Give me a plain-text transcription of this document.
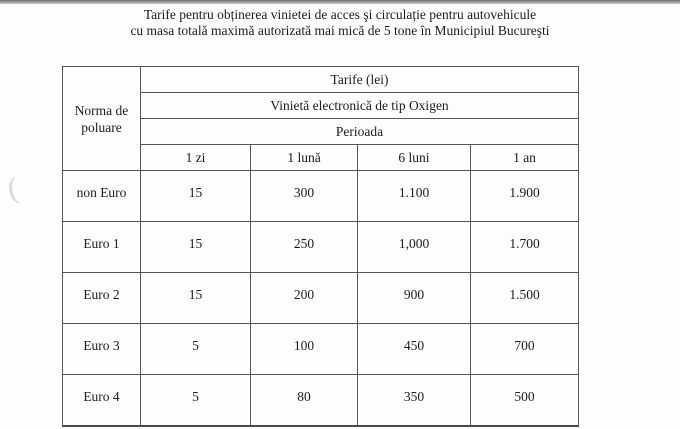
Tarife pentru obținerea vinietei de acces şi circulație pentru autovehicule
cu masa totală maximă autorizată mai mică de 5 tone în Municipiul Bucureşti
(
Norma de poluare	Tarife (lei)			
	Vinietă electronică de tip Oxigen			
	Perioada			
	1 zi	1 lună	6 luni	1 an
non Euro	15	300	1.100	1.900
Euro 1	15	250	1,000	1.700
Euro 2	15	200	900	1.500
Euro 3	5	100	450	700
Euro 4	5	80	350	500
